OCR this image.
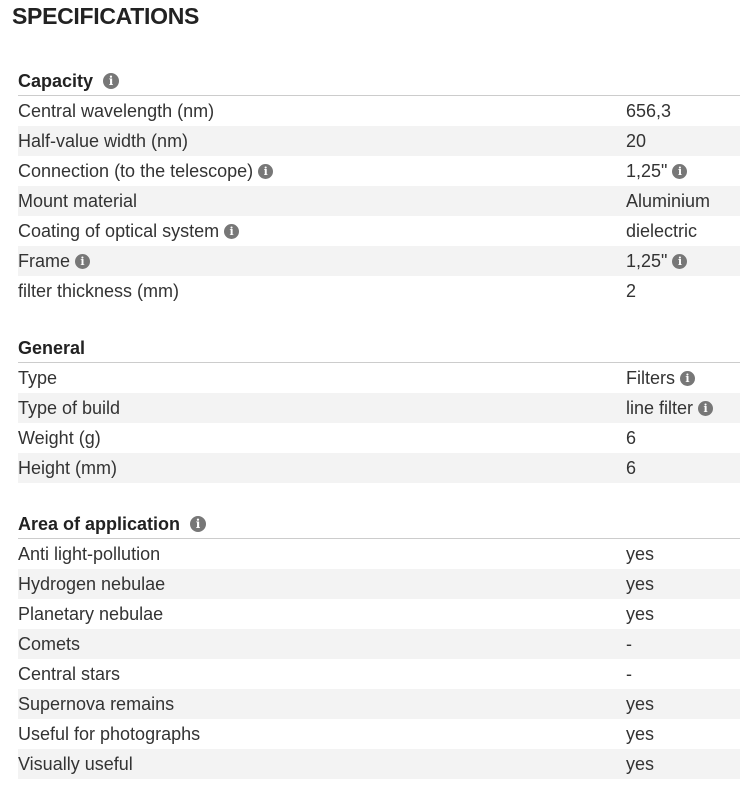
SPECIFICATIONS
Capacity	i
Central wavelength (nm)	656,3
Half-value width (nm)	20
Connection (to the telescope) i	1,25" i
Mount material	Aluminium
Coating of optical system i	dielectric
Frame i	1,25" i
filter thickness (mm)	2
General
Type	Filters i
Type of build	line filter i
Weight (g)	6
Height (mm)	6
Area of application	i
Anti light-pollution	yes
Hydrogen nebulae	yes
Planetary nebulae	yes
Comets	-
Central stars	-
Supernova remains	yes
Useful for photographs	yes
Visually useful	yes
